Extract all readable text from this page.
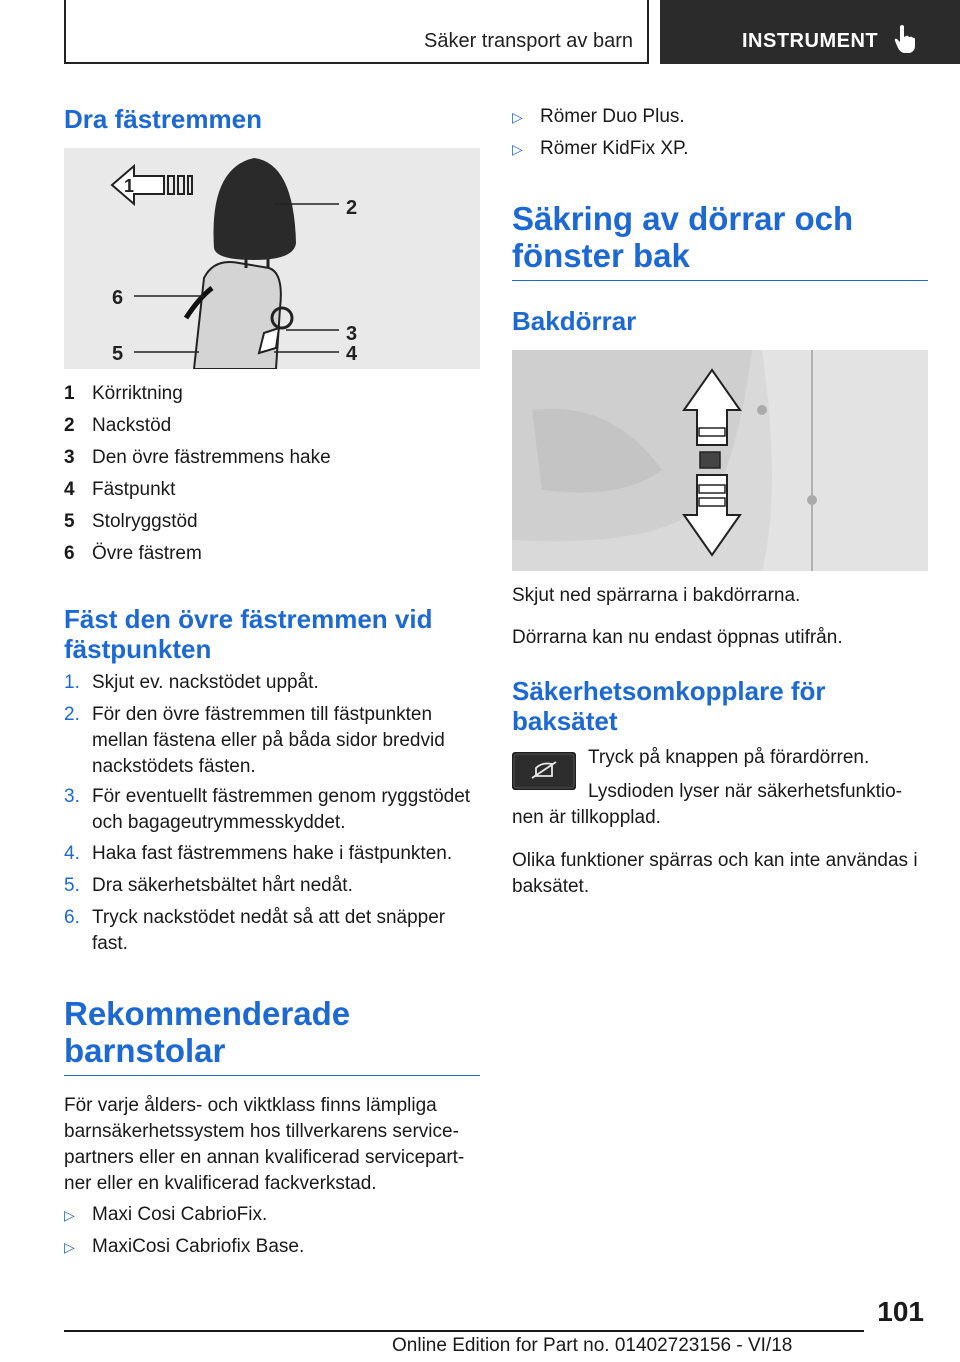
Säker transport av barn	INSTRUMENT
Dra fästremmen
1
2
6
3
5	4
1 Körriktning
2 Nackstöd
3 Den övre fästremmens hake
4 Fästpunkt
5 Stolryggstöd
6 Övre fästrem
Fäst den övre fästremmen vid
fästpunkten
1. Skjut ev. nackstödet uppåt.
2. För den övre fästremmen till fästpunkten
mellan fästena eller på båda sidor bredvid
nackstödets fästen.
3. För eventuellt fästremmen genom ryggstödet
och bagageutrymmesskyddet.
4. Haka fast fästremmens hake i fästpunkten.
5. Dra säkerhetsbältet hårt nedåt.
6. Tryck nackstödet nedåt så att det snäpper
fast.
Rekommenderade
barnstolar

För varje ålders- och viktklass finns lämpliga
barnsäkerhetssystem hos tillverkarens service-
partners eller en annan kvalificerad servicepart-
ner eller en kvalificerad fackverkstad.

▷ Maxi Cosi CabrioFix.
▷ MaxiCosi Cabriofix Base.
▷ Römer Duo Plus.
▷ Römer KidFix XP.
Säkring av dörrar och
fönster bak
Bakdörrar

Skjut ned spärrarna i bakdörrarna.

Dörrarna kan nu endast öppnas utifrån.

Säkerhetsomkopplare för
baksätet

Tryck på knappen på förardörren.

Lysdioden lyser när säkerhetsfunktio-

nen är tillkopplad.

Olika funktioner spärras och kan inte användas i
baksätet.

101
Online Edition for Part no. 01402723156 - VI/18
